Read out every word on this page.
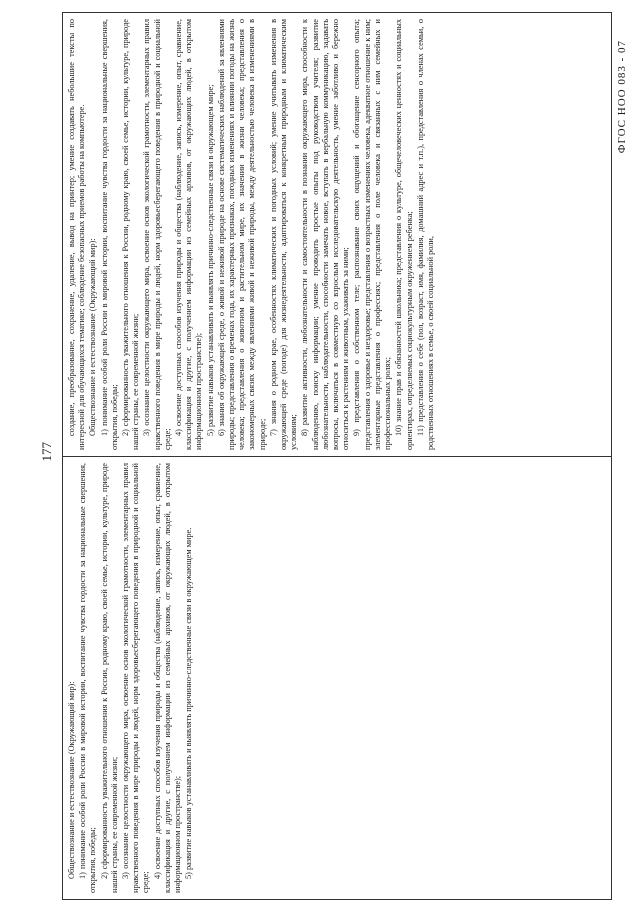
177
ФГОС НОО 083 - 07

Обществознание и естествознание (Окружающий мир): 1) понимание особой роли России в мировой истории, воспитание чувства гордости за национальные свершения, открытия, победы; 2) сформированность уважительного отношения к России, родному краю, своей семье, истории, культуре, природе нашей страны, ее современной жизни; 3) осознание целостности окружающего мира, освоение основ экологической грамотности, элементарных правил нравственного поведения в мире природы и людей, норм здоровьесберегающего поведения в природной и социальной среде;

4) освоение доступных способов изучения природы и общества (наблюдение, запись, измерение, опыт, сравнение, классификация и другие, с получением информации из семейных архивов, от окружающих людей, в открытом информационном пространстве); 5) развитие навыков устанавливать и выявлять причинно-следственные связи в окружающем мире.

создание, преобразование, сохранение, удаление, вывод на принтер; умение создавать небольшие тексты по интересной для обучающихся тематике; соблюдение безопасных приемов работы на компьютере. Обществознание и естествознание (Окружающий мир): 1) понимание особой роли России в мировой истории, воспитание чувства гордости за национальные свершения, открытия, победы; 2) сформированность уважительного отношения к России, родному краю, своей семье, истории, культуре, природе нашей страны, ее современной жизни; 3) осознание целостности окружающего мира, освоение основ экологической грамотности, элементарных правил нравственного поведения в мире природы и людей, норм здоровьесберегающего поведения в природной и социальной среде;

4) освоение доступных способов изучения природы и общества (наблюдение, запись, измерение, опыт, сравнение, классификация и другие, с получением информации из семейных архивов, от окружающих людей, в открытом информационном пространстве); 5) развитие навыков устанавливать и выявлять причинно-следственные связи в окружающем мире; 6) знания об окружающей среде, о живой и неживой природе на основе систематических наблюдений за явлениями природы; представления о временах года, их характерных признаках, погодных изменениях и влиянии погоды на жизнь человека; представления о животном и растительном мире, их значении в жизни человека; представления о закономерных связях между явлениями живой и неживой природы, между деятельностью человека и изменениями в природе; 7) знания о родном крае, особенностях климатических и погодных условий; умение учитывать изменения в окружающей среде (погоде) для жизнедеятельности, адаптироваться к конкретным природным и климатическим условиям; 8) развитие активности, любознательности и самостоятельности в познании окружающего мира, способности к наблюдению, поиску информации; умение проводить простые опыты под руководством учителя; развитие любознательности, наблюдательности, способности замечать новое, вступать в вербальную коммуникацию, задавать вопросы, включаться в совместную со взрослым исследовательскую деятельность, умение заботливо и бережно относиться к растениям и животным, ухаживать за ними; 9) представления о собственном теле; распознавание своих ощущений и обогащение сенсорного опыта; представления о здоровье и нездоровье; представления о возрастных изменениях человека, адекватное отношение к ним; элементарные представления о профессиях; представления о поле человека и связанных с ним семейных и профессиональных ролях; 10) знание прав и обязанностей школьника; представления о культуре, общечеловеческих ценностях и социальных ориентирах, определяемых социокультурным окружением ребенка; 11) представления о себе (пол, возраст, имя, фамилия, домашний адрес и т.п.), представления о членах семьи, о родственных отношениях в семье, о своей социальной роли,
